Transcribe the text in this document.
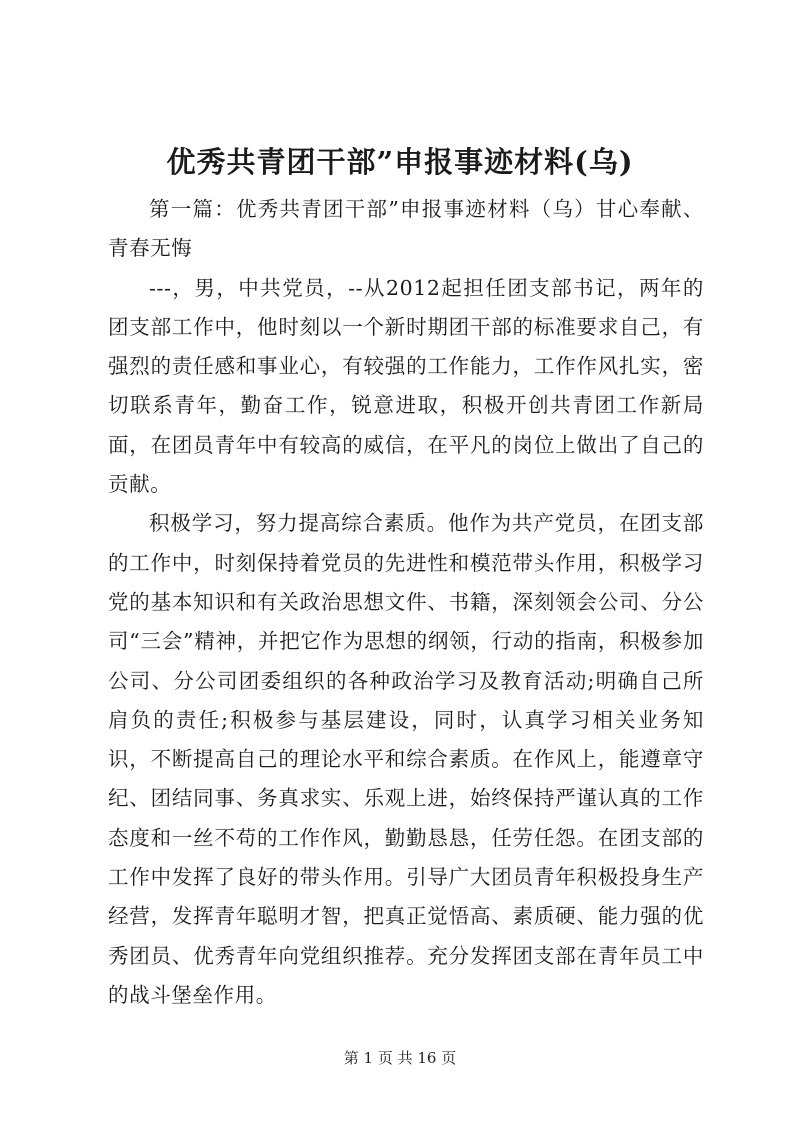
优秀共青团干部”申报事迹材料(乌)

第一篇：优秀共青团干部”申报事迹材料（乌）甘心奉献、青春无悔

---，男，中共党员，--从2012起担任团支部书记，两年的团支部工作中，他时刻以一个新时期团干部的标准要求自己，有强烈的责任感和事业心，有较强的工作能力，工作作风扎实，密切联系青年，勤奋工作，锐意进取，积极开创共青团工作新局面，在团员青年中有较高的威信，在平凡的岗位上做出了自己的贡献。

积极学习，努力提高综合素质。他作为共产党员，在团支部的工作中，时刻保持着党员的先进性和模范带头作用，积极学习党的基本知识和有关政治思想文件、书籍，深刻领会公司、分公司“三会”精神，并把它作为思想的纲领，行动的指南，积极参加公司、分公司团委组织的各种政治学习及教育活动;明确自己所肩负的责任;积极参与基层建设，同时，认真学习相关业务知识，不断提高自己的理论水平和综合素质。在作风上，能遵章守纪、团结同事、务真求实、乐观上进，始终保持严谨认真的工作态度和一丝不苟的工作作风，勤勤恳恳，任劳任怨。在团支部的工作中发挥了良好的带头作用。引导广大团员青年积极投身生产经营，发挥青年聪明才智，把真正觉悟高、素质硬、能力强的优秀团员、优秀青年向党组织推荐。充分发挥团支部在青年员工中的战斗堡垒作用。

第 1 页 共 16 页
